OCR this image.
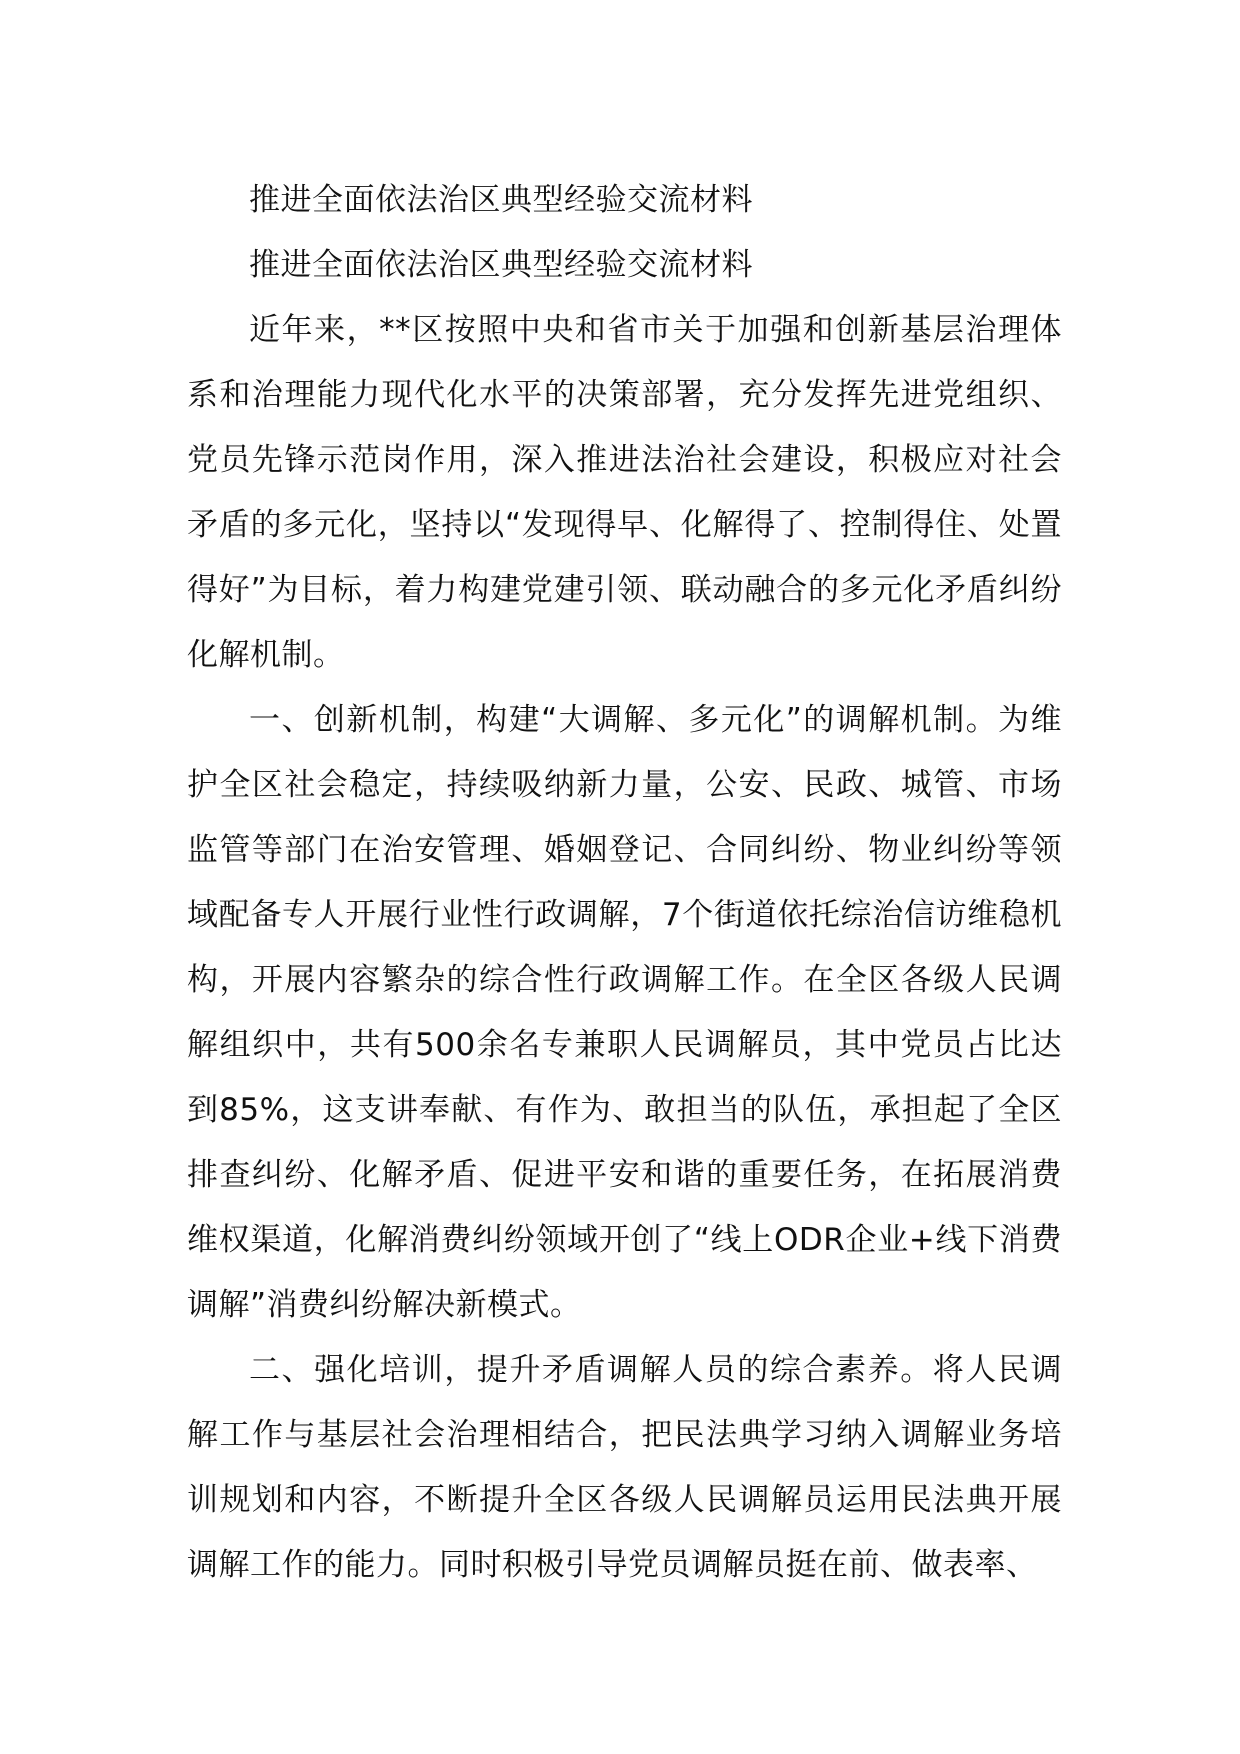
推进全面依法治区典型经验交流材料

推进全面依法治区典型经验交流材料

近年来，**区按照中央和省市关于加强和创新基层治理体系和治理能力现代化水平的决策部署，充分发挥先进党组织、党员先锋示范岗作用，深入推进法治社会建设，积极应对社会矛盾的多元化，坚持以“发现得早、化解得了、控制得住、处置得好”为目标，着力构建党建引领、联动融合的多元化矛盾纠纷化解机制。

一、创新机制，构建“大调解、多元化”的调解机制。为维护全区社会稳定，持续吸纳新力量，公安、民政、城管、市场监管等部门在治安管理、婚姻登记、合同纠纷、物业纠纷等领域配备专人开展行业性行政调解，7个街道依托综治信访维稳机构，开展内容繁杂的综合性行政调解工作。在全区各级人民调解组织中，共有500余名专兼职人民调解员，其中党员占比达到85%，这支讲奉献、有作为、敢担当的队伍，承担起了全区排查纠纷、化解矛盾、促进平安和谐的重要任务，在拓展消费维权渠道，化解消费纠纷领域开创了“线上ODR企业+线下消费调解”消费纠纷解决新模式。

二、强化培训，提升矛盾调解人员的综合素养。将人民调解工作与基层社会治理相结合，把民法典学习纳入调解业务培训规划和内容，不断提升全区各级人民调解员运用民法典开展调解工作的能力。同时积极引导党员调解员挺在前、做表率、
